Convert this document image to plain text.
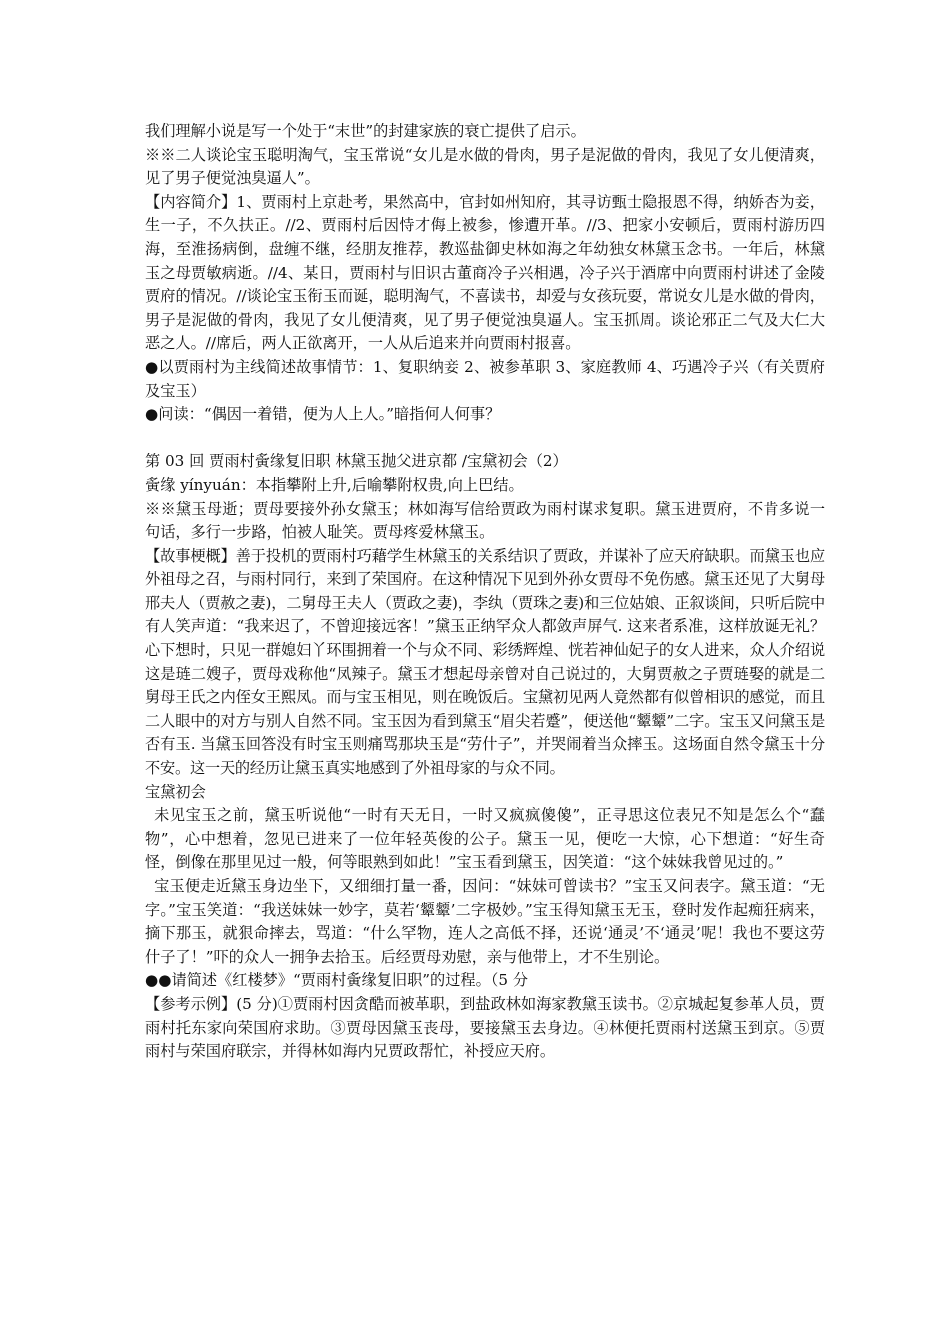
我们理解小说是写一个处于“末世”的封建家族的衰亡提供了启示。

※※二人谈论宝玉聪明淘气，宝玉常说“女儿是水做的骨肉，男子是泥做的骨肉，我见了女儿便清爽，见了男子便觉浊臭逼人”。

【内容简介】1、贾雨村上京赴考，果然高中，官封如州知府，其寻访甄士隐报恩不得，纳娇杏为妾，生一子，不久扶正。//2、贾雨村后因恃才侮上被参，惨遭开革。//3、把家小安顿后，贾雨村游历四海，至淮扬病倒，盘缠不继，经朋友推荐，教巡盐御史林如海之年幼独女林黛玉念书。一年后，林黛玉之母贾敏病逝。//4、某日，贾雨村与旧识古董商冷子兴相遇，冷子兴于酒席中向贾雨村讲述了金陵贾府的情况。//谈论宝玉衔玉而诞，聪明淘气，不喜读书，却爱与女孩玩耍，常说女儿是水做的骨肉，男子是泥做的骨肉，我见了女儿便清爽，见了男子便觉浊臭逼人。宝玉抓周。谈论邪正二气及大仁大恶之人。//席后，两人正欲离开，一人从后追来并向贾雨村报喜。

●以贾雨村为主线简述故事情节：1、复职纳妾 2、被参革职 3、家庭教师 4、巧遇冷子兴（有关贾府及宝玉）

●问读：“偶因一着错，便为人上人。”暗指何人何事？

第 03 回 贾雨村夤缘复旧职 林黛玉抛父进京都 /宝黛初会（2）

夤缘 yínyuán：本指攀附上升,后喻攀附权贵,向上巴结。

※※黛玉母逝；贾母要接外孙女黛玉；林如海写信给贾政为雨村谋求复职。黛玉进贾府，不肯多说一句话，多行一步路，怕被人耻笑。贾母疼爱林黛玉。

【故事梗概】善于投机的贾雨村巧藉学生林黛玉的关系结识了贾政，并谋补了应天府缺职。而黛玉也应外祖母之召，与雨村同行，来到了荣国府。在这种情况下见到外孙女贾母不免伤感。黛玉还见了大舅母邢夫人（贾赦之妻)，二舅母王夫人（贾政之妻)，李纨（贾珠之妻)和三位姑娘、正叙谈间，只听后院中有人笑声道：“我来迟了，不曾迎接远客！”黛玉正纳罕众人都敛声屏气. 这来者系准，这样放诞无礼？心下想时，只见一群媳妇丫环围拥着一个与众不同、彩绣辉煌、恍若神仙妃子的女人进来，众人介绍说这是琏二嫂子，贾母戏称他“凤辣子。黛玉才想起母亲曾对自己说过的，大舅贾赦之子贾琏娶的就是二舅母王氏之内侄女王熙凤。而与宝玉相见，则在晚饭后。宝黛初见两人竟然都有似曾相识的感觉，而且二人眼中的对方与别人自然不同。宝玉因为看到黛玉“眉尖若蹙”，便送他“颦颦”二字。宝玉又问黛玉是否有玉. 当黛玉回答没有时宝玉则痛骂那块玉是“劳什子”，并哭闹着当众摔玉。这场面自然令黛玉十分不安。这一天的经历让黛玉真实地感到了外祖母家的与众不同。

宝黛初会

未见宝玉之前，黛玉听说他“一时有天无日，一时又疯疯傻傻”，正寻思这位表兄不知是怎么个“蠢物”，心中想着，忽见已进来了一位年轻英俊的公子。黛玉一见，便吃一大惊，心下想道：“好生奇怪，倒像在那里见过一般，何等眼熟到如此！”宝玉看到黛玉，因笑道：“这个妹妹我曾见过的。”

宝玉便走近黛玉身边坐下，又细细打量一番，因问：“妹妹可曾读书？”宝玉又问表字。黛玉道：“无字。”宝玉笑道：“我送妹妹一妙字，莫若‘颦颦’二字极妙。”宝玉得知黛玉无玉，登时发作起痴狂病来，摘下那玉，就狠命摔去，骂道：“什么罕物，连人之高低不择，还说‘通灵’不‘通灵’呢！我也不要这劳什子了！”吓的众人一拥争去拾玉。后经贾母劝慰，亲与他带上，才不生别论。

●●请简述《红楼梦》“贾雨村夤缘复旧职”的过程。（5 分

【参考示例】(5 分)①贾雨村因贪酷而被革职，到盐政林如海家教黛玉读书。②京城起复参革人员，贾雨村托东家向荣国府求助。③贾母因黛玉丧母，要接黛玉去身边。④林便托贾雨村送黛玉到京。⑤贾雨村与荣国府联宗，并得林如海内兄贾政帮忙，补授应天府。
